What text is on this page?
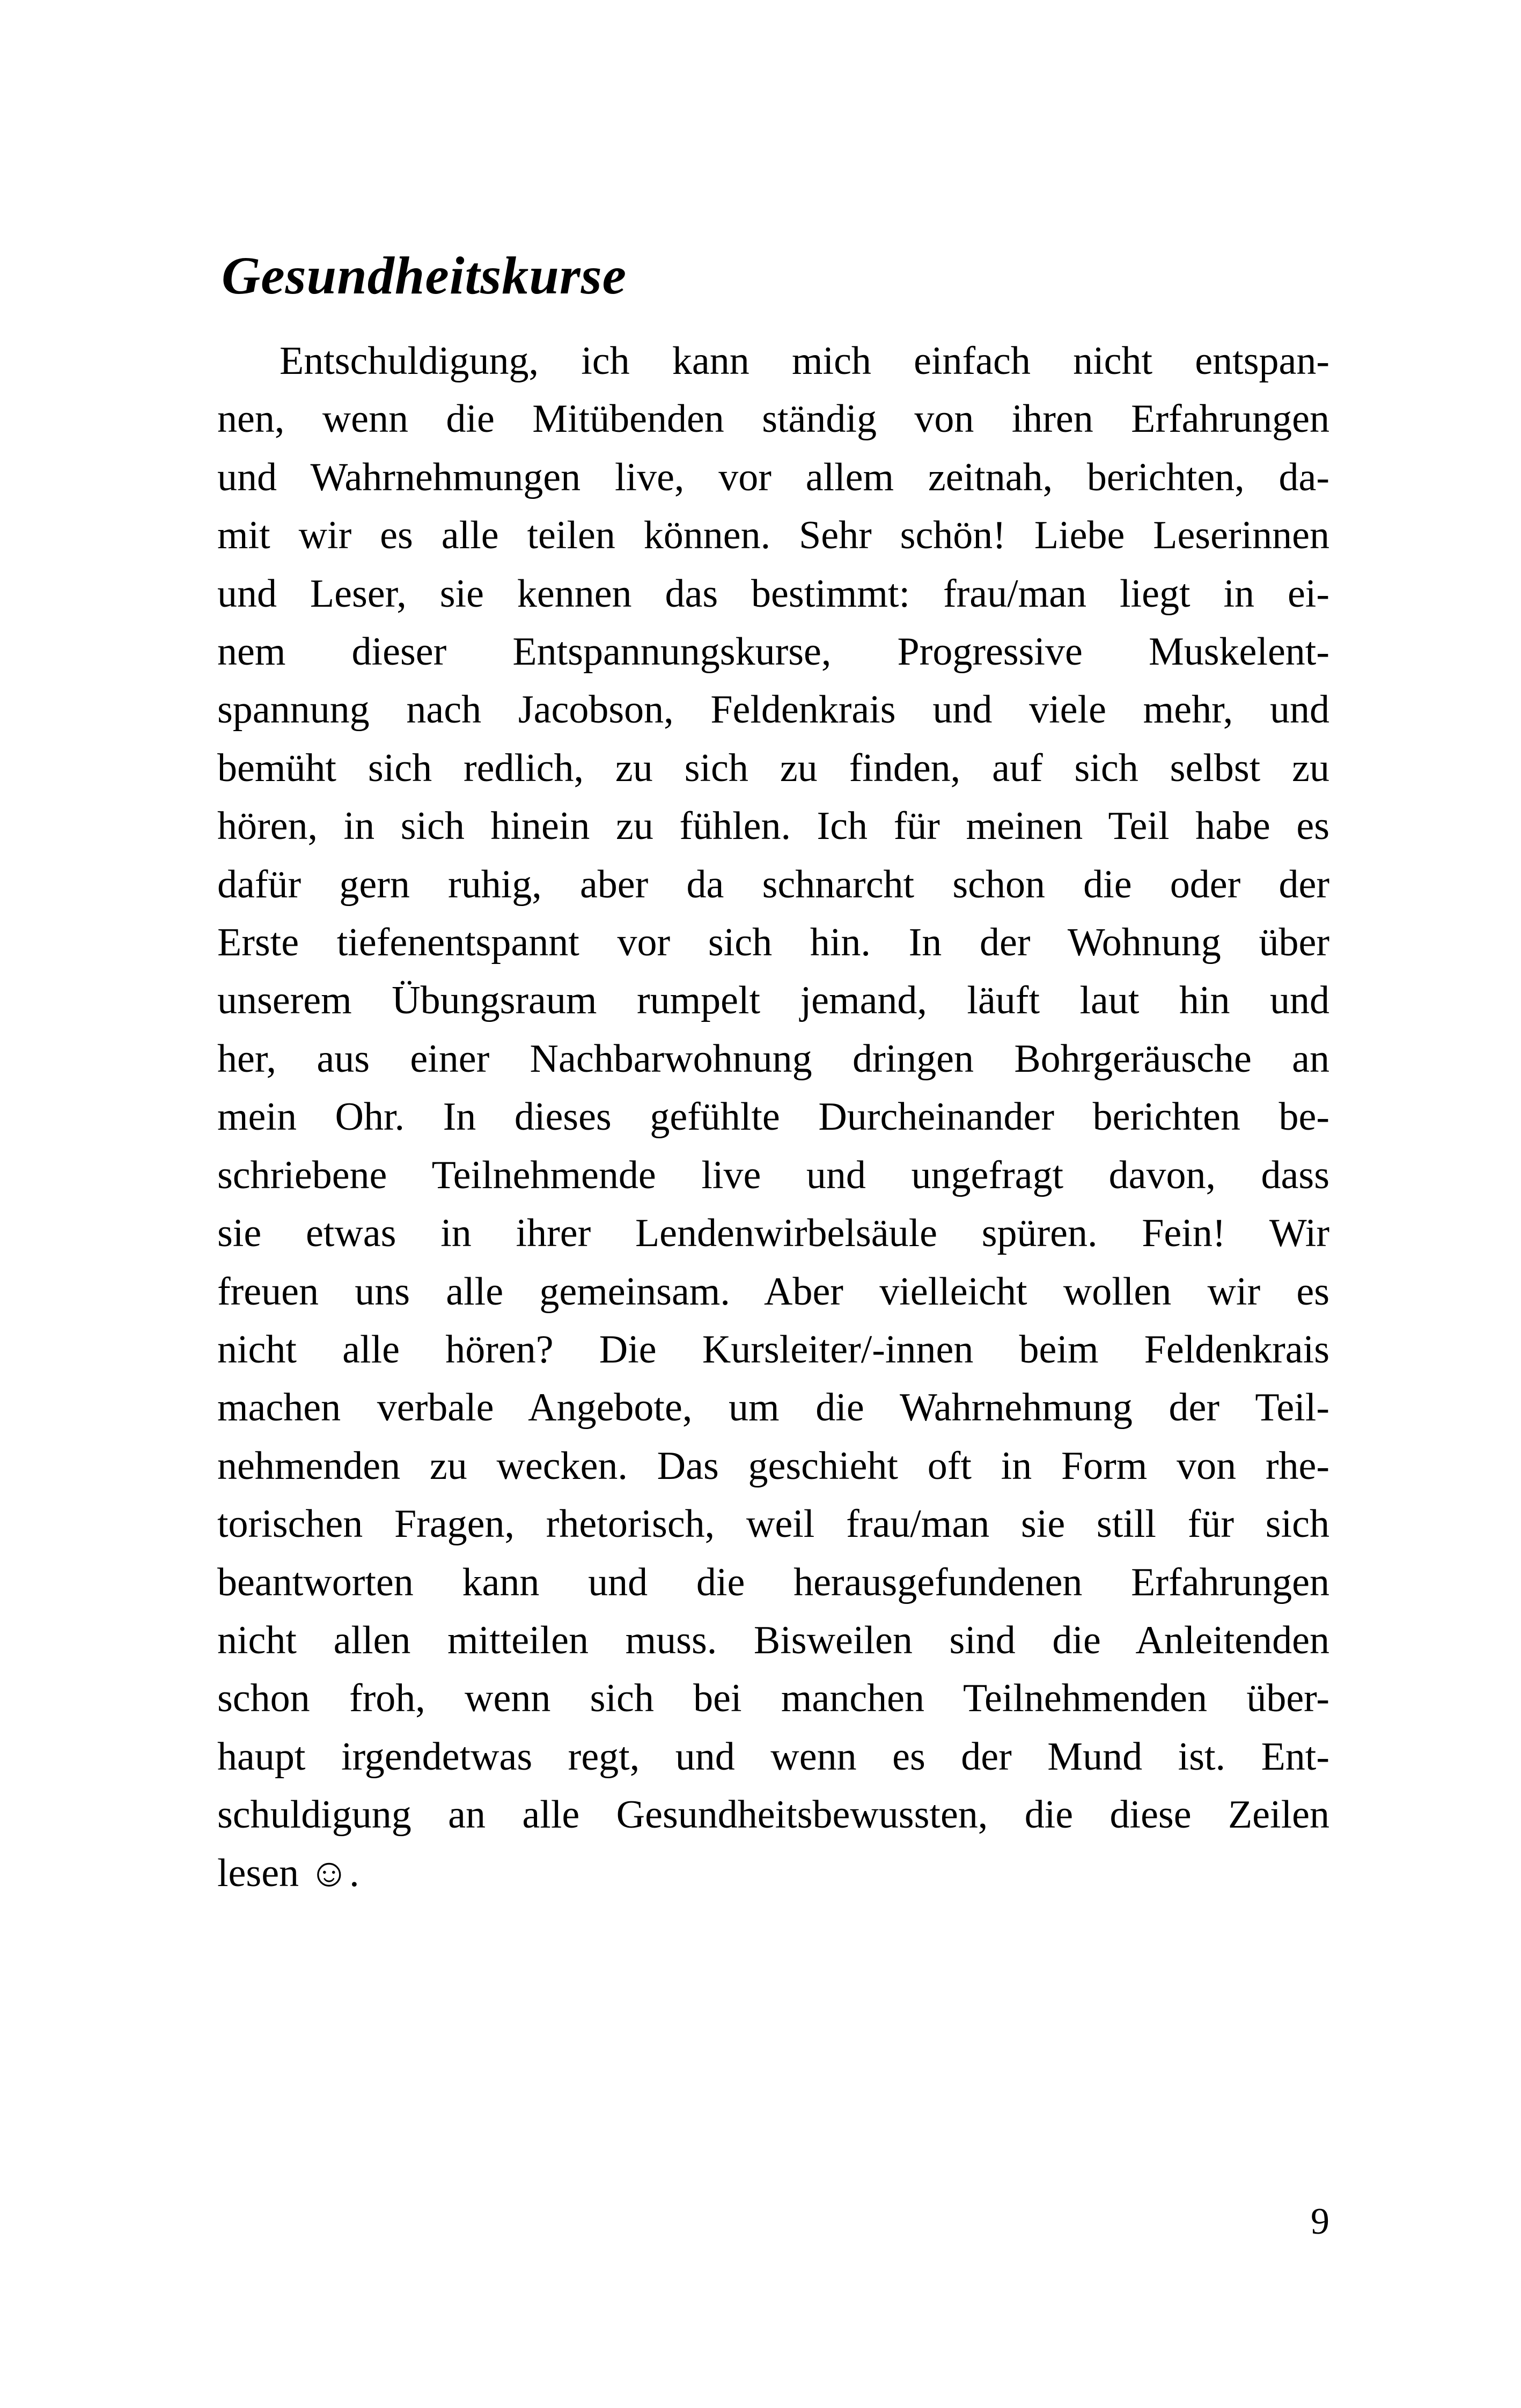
Gesundheitskurse
Entschuldigung, ich kann mich einfach nicht entspan-
nen, wenn die Mitübenden ständig von ihren Erfahrungen
und Wahrnehmungen live, vor allem zeitnah, berichten, da-
mit wir es alle teilen können. Sehr schön! Liebe Leserinnen
und Leser, sie kennen das bestimmt: frau/man liegt in ei-
nem dieser Entspannungskurse, Progressive Muskelent-
spannung nach Jacobson, Feldenkrais und viele mehr, und
bemüht sich redlich, zu sich zu finden, auf sich selbst zu
hören, in sich hinein zu fühlen. Ich für meinen Teil habe es
dafür gern ruhig, aber da schnarcht schon die oder der
Erste tiefenentspannt vor sich hin. In der Wohnung über
unserem Übungsraum rumpelt jemand, läuft laut hin und
her, aus einer Nachbarwohnung dringen Bohrgeräusche an
mein Ohr. In dieses gefühlte Durcheinander berichten be-
schriebene Teilnehmende live und ungefragt davon, dass
sie etwas in ihrer Lendenwirbelsäule spüren. Fein! Wir
freuen uns alle gemeinsam. Aber vielleicht wollen wir es
nicht alle hören? Die Kursleiter/-innen beim Feldenkrais
machen verbale Angebote, um die Wahrnehmung der Teil-
nehmenden zu wecken. Das geschieht oft in Form von rhe-
torischen Fragen, rhetorisch, weil frau/man sie still für sich
beantworten kann und die herausgefundenen Erfahrungen
nicht allen mitteilen muss. Bisweilen sind die Anleitenden
schon froh, wenn sich bei manchen Teilnehmenden über-
haupt irgendetwas regt, und wenn es der Mund ist. Ent-
schuldigung an alle Gesundheitsbewussten, die diese Zeilen
lesen ☺.
9
